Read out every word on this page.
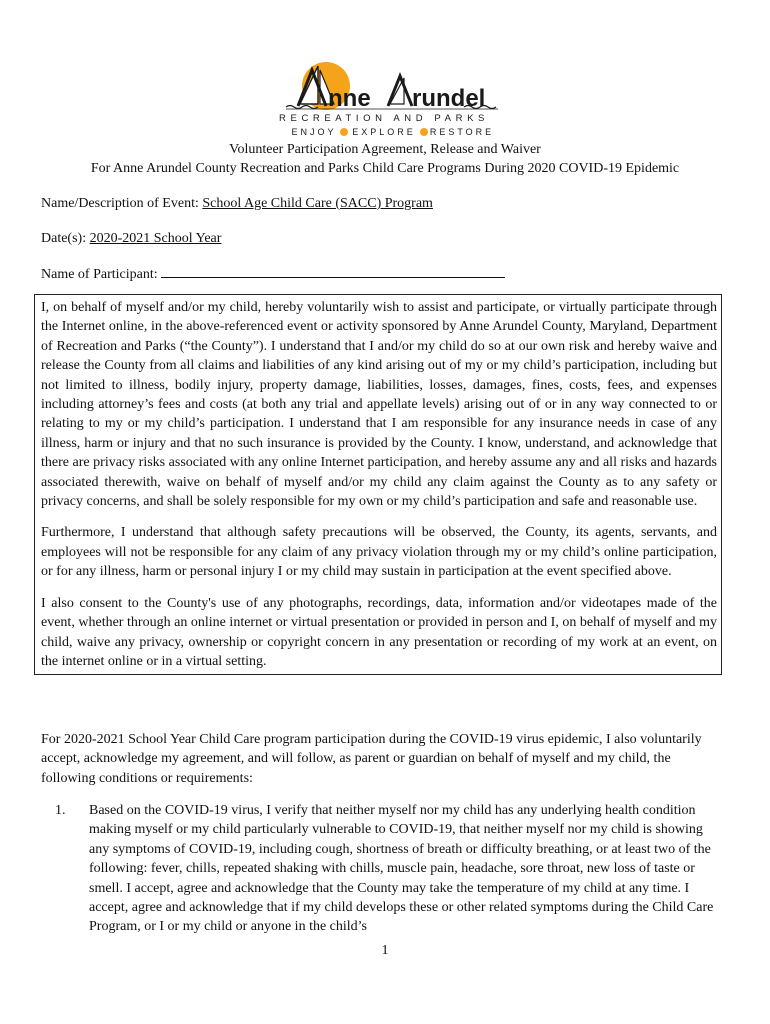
nne rundel
RECREATION AND PARKS
ENJOY EXPLORE RESTORE
Volunteer Participation Agreement, Release and Waiver
For Anne Arundel County Recreation and Parks Child Care Programs During 2020 COVID-19 Epidemic
Name/Description of Event: School Age Child Care (SACC) Program
Date(s): 2020-2021 School Year
Name of Participant:

I, on behalf of myself and/or my child, hereby voluntarily wish to assist and participate, or virtually participate through the Internet online, in the above-referenced event or activity sponsored by Anne Arundel County, Maryland, Department of Recreation and Parks (“the County”). I understand that I and/or my child do so at our own risk and hereby waive and release the County from all claims and liabilities of any kind arising out of my or my child’s participation, including but not limited to illness, bodily injury, property damage, liabilities, losses, damages, fines, costs, fees, and expenses including attorney’s fees and costs (at both any trial and appellate levels) arising out of or in any way connected to or relating to my or my child’s participation. I understand that I am responsible for any insurance needs in case of any illness, harm or injury and that no such insurance is provided by the County. I know, understand, and acknowledge that there are privacy risks associated with any online Internet participation, and hereby assume any and all risks and hazards associated therewith, waive on behalf of myself and/or my child any claim against the County as to any safety or privacy concerns, and shall be solely responsible for my own or my child’s participation and safe and reasonable use.

Furthermore, I understand that although safety precautions will be observed, the County, its agents, servants, and employees will not be responsible for any claim of any privacy violation through my or my child’s online participation, or for any illness, harm or personal injury I or my child may sustain in participation at the event specified above.

I also consent to the County's use of any photographs, recordings, data, information and/or videotapes made of the event, whether through an online internet or virtual presentation or provided in person and I, on behalf of myself and my child, waive any privacy, ownership or copyright concern in any presentation or recording of my work at an event, on the internet online or in a virtual setting.

For 2020-2021 School Year Child Care program participation during the COVID-19 virus epidemic, I also voluntarily accept, acknowledge my agreement, and will follow, as parent or guardian on behalf of myself and my child, the following conditions or requirements:

1.	Based on the COVID-19 virus, I verify that neither myself nor my child has any underlying health condition making myself or my child particularly vulnerable to COVID-19, that neither myself nor my child is showing any symptoms of COVID-19, including cough, shortness of breath or difficulty breathing, or at least two of the following: fever, chills, repeated shaking with chills, muscle pain, headache, sore throat, new loss of taste or smell. I accept, agree and acknowledge that the County may take the temperature of my child at any time. I accept, agree and acknowledge that if my child develops these or other related symptoms during the Child Care Program, or I or my child or anyone in the child’s
1
